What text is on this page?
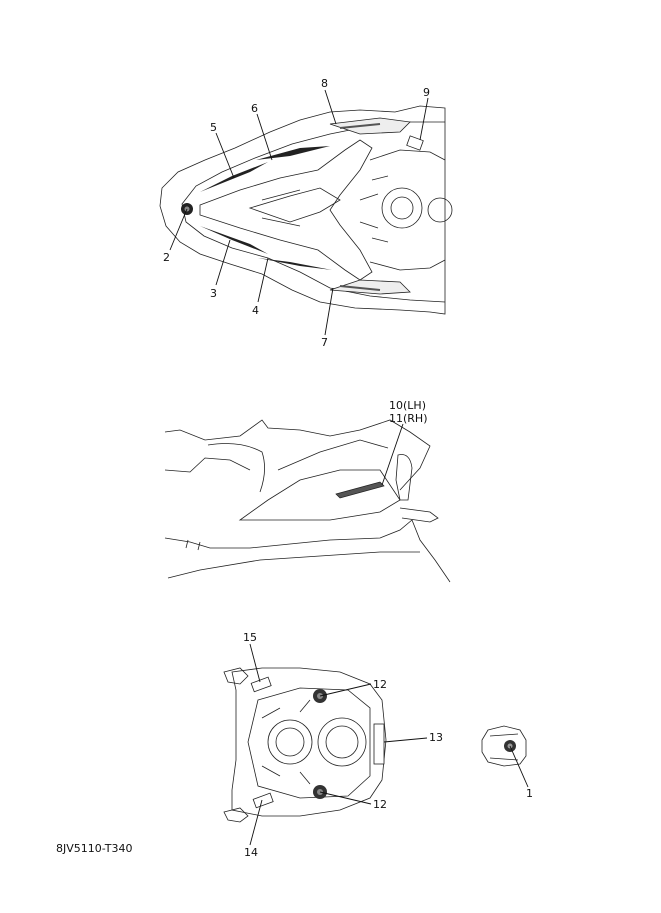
2
3
4
5
6
8
9
7
10(LH)
11(RH)
15
12
13
12
14
1
8JV5110-T340
